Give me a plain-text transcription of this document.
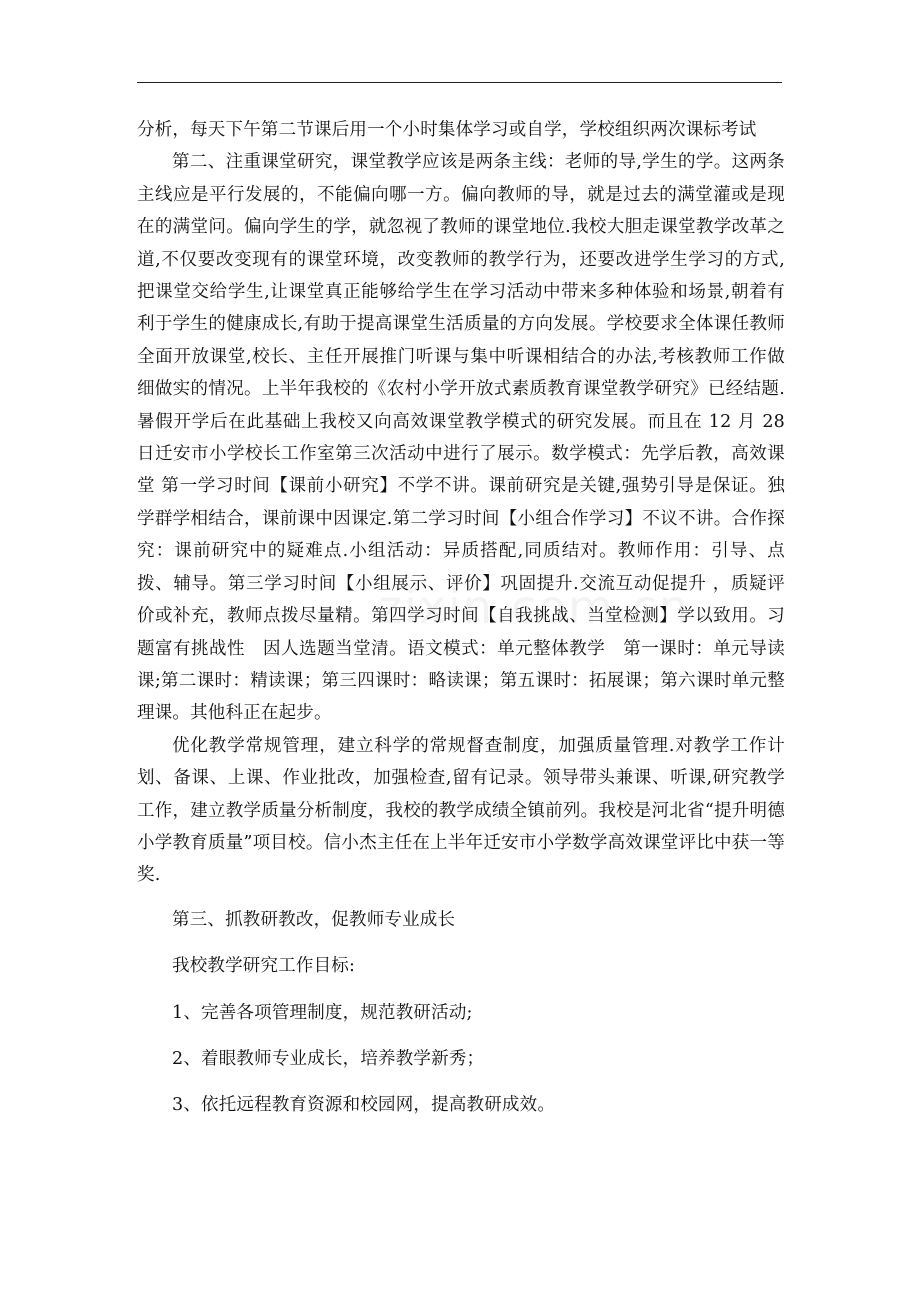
分析，每天下午第二节课后用一个小时集体学习或自学，学校组织两次课标考试

第二、注重课堂研究，课堂教学应该是两条主线：老师的导,学生的学。这两条主线应是平行发展的，不能偏向哪一方。偏向教师的导，就是过去的满堂灌或是现在的满堂问。偏向学生的学，就忽视了教师的课堂地位.我校大胆走课堂教学改革之道,不仅要改变现有的课堂环境，改变教师的教学行为，还要改进学生学习的方式,把课堂交给学生,让课堂真正能够给学生在学习活动中带来多种体验和场景,朝着有利于学生的健康成长,有助于提高课堂生活质量的方向发展。学校要求全体课任教师全面开放课堂,校长、主任开展推门听课与集中听课相结合的办法,考核教师工作做细做实的情况。上半年我校的《农村小学开放式素质教育课堂教学研究》已经结题.暑假开学后在此基础上我校又向高效课堂教学模式的研究发展。而且在 12 月 28 日迁安市小学校长工作室第三次活动中进行了展示。数学模式：先学后教，高效课堂 第一学习时间【课前小研究】不学不讲。课前研究是关键,强势引导是保证。独学群学相结合，课前课中因课定.第二学习时间【小组合作学习】不议不讲。合作探究：课前研究中的疑难点.小组活动：异质搭配,同质结对。教师作用：引导、点拨、辅导。第三学习时间【小组展示、评价】巩固提升.交流互动促提升 ，质疑评价或补充，教师点拨尽量精。第四学习时间【自我挑战、当堂检测】学以致用。习题富有挑战性　因人选题当堂清。语文模式：单元整体教学　第一课时：单元导读课;第二课时：精读课；第三四课时：略读课；第五课时：拓展课；第六课时单元整理课。其他科正在起步。

优化教学常规管理，建立科学的常规督查制度，加强质量管理.对教学工作计划、备课、上课、作业批改，加强检查,留有记录。领导带头兼课、听课,研究教学工作，建立教学质量分析制度，我校的教学成绩全镇前列。我校是河北省“提升明德小学教育质量”项目校。信小杰主任在上半年迁安市小学数学高效课堂评比中获一等奖.

第三、抓教研教改，促教师专业成长

我校教学研究工作目标:

1、完善各项管理制度，规范教研活动;

2、着眼教师专业成长，培养教学新秀；

3、依托远程教育资源和校园网，提高教研成效。
